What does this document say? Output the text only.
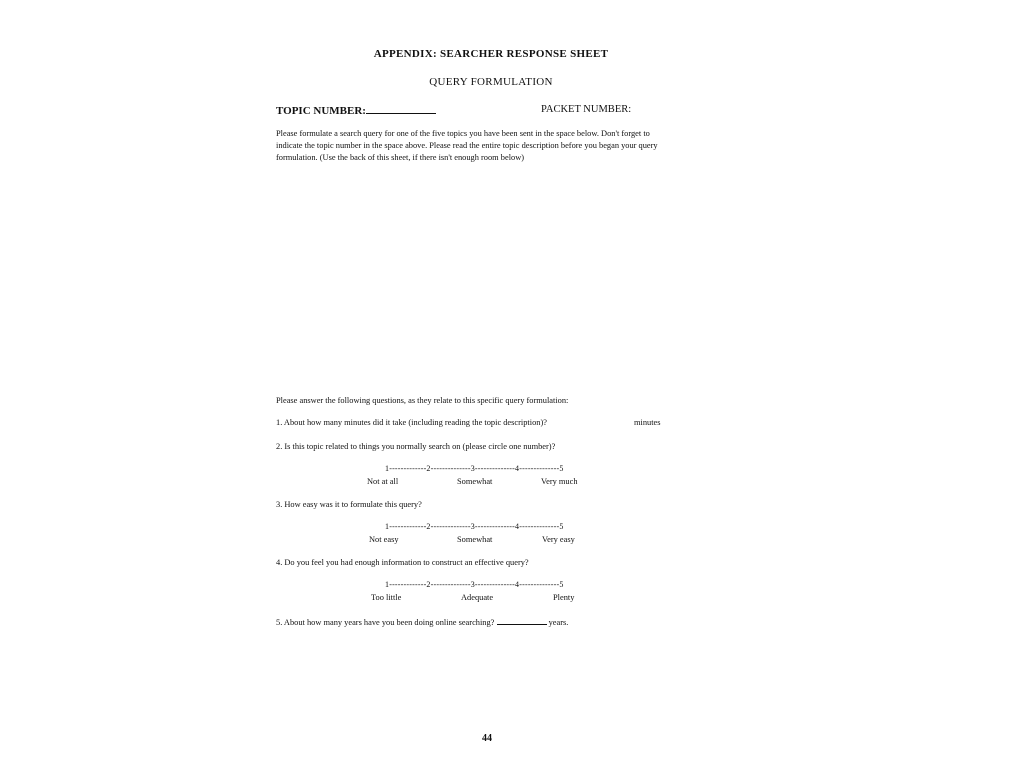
APPENDIX: SEARCHER RESPONSE SHEET
QUERY FORMULATION
TOPIC NUMBER:	PACKET NUMBER:
Please formulate a search query for one of the five topics you have been sent in the space below. Don't forget to indicate the topic number in the space above. Please read the entire topic description before you began your query formulation. (Use the back of this sheet, if there isn't enough room below)
Please answer the following questions, as they relate to this specific query formulation:
1. About how many minutes did it take (including reading the topic description)?	minutes
2. Is this topic related to things you normally search on (please circle one number)?
1-------------2--------------3--------------4--------------5
Not at all	Somewhat	Very much
3. How easy was it to formulate this query?
1-------------2--------------3--------------4--------------5
Not easy	Somewhat	Very easy
4. Do you feel you had enough information to construct an effective query?
1-------------2--------------3--------------4--------------5
Too little	Adequate	Plenty
5. About how many years have you been doing online searching?	years.
44
